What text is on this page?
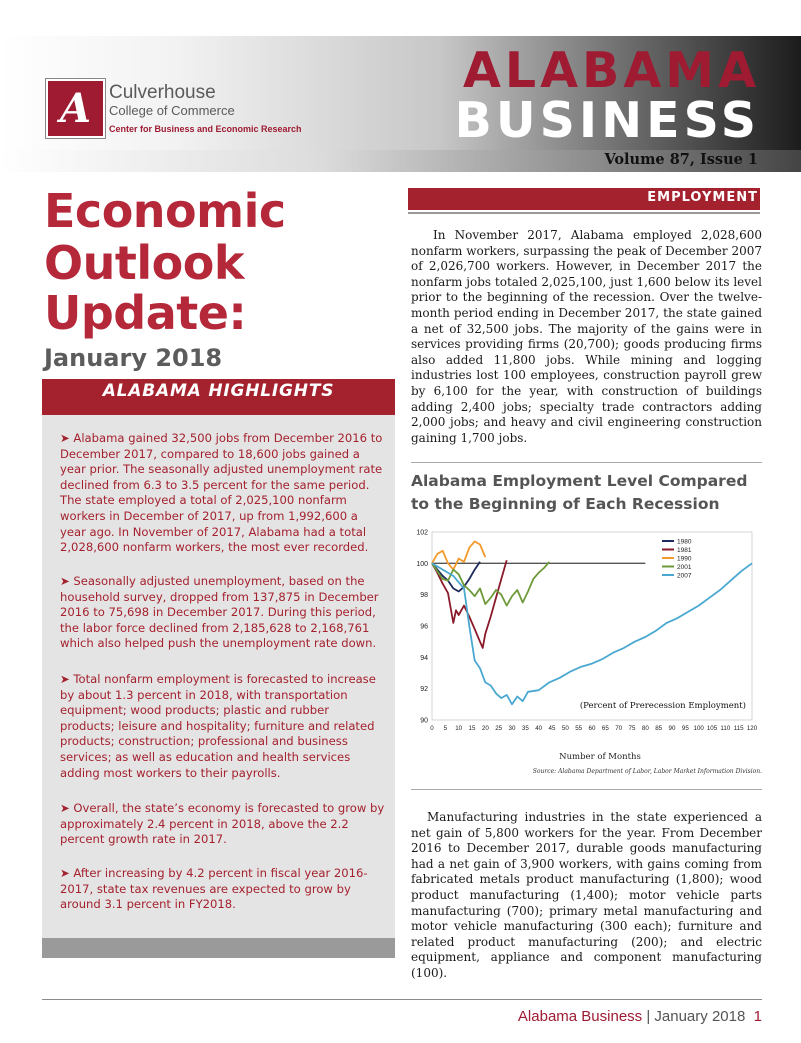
A Culverhouse
College of Commerce
Center for Business and Economic Research
ALABAMA
BUSINESS
Volume 87, Issue 1
Economic
Outlook
Update:
January 2018
ALABAMA HIGHLIGHTS
➤ Alabama gained 32,500 jobs from December 2016 to December 2017, compared to 18,600 jobs gained a year prior. The seasonally adjusted unemployment rate declined from 6.3 to 3.5 percent for the same period. The state employed a total of 2,025,100 nonfarm workers in December of 2017, up from 1,992,600 a year ago. In November of 2017, Alabama had a total 2,028,600 nonfarm workers, the most ever recorded.
➤ Seasonally adjusted unemployment, based on the household survey, dropped from 137,875 in December 2016 to 75,698 in December 2017. During this period, the labor force declined from 2,185,628 to 2,168,761 which also helped push the unemployment rate down.
➤ Total nonfarm employment is forecasted to increase by about 1.3 percent in 2018, with transportation equipment; wood products; plastic and rubber products; leisure and hospitality; furniture and related products; construction; professional and business services; as well as education and health services adding most workers to their payrolls.
➤ Overall, the state’s economy is forecasted to grow by approximately 2.4 percent in 2018, above the 2.2 percent growth rate in 2017.
➤ After increasing by 4.2 percent in fiscal year 2016-2017, state tax revenues are expected to grow by around 3.1 percent in FY2018.
EMPLOYMENT
In November 2017, Alabama employed 2,028,600 nonfarm workers, surpassing the peak of December 2007 of 2,026,700 workers. However, in December 2017 the nonfarm jobs totaled 2,025,100, just 1,600 below its level prior to the beginning of the recession. Over the twelve-month period ending in December 2017, the state gained a net of 32,500 jobs. The majority of the gains were in services providing firms (20,700); goods producing firms also added 11,800 jobs. While mining and logging industries lost 100 employees, construction payroll grew by 6,100 for the year, with construction of buildings adding 2,400 jobs; specialty trade contractors adding 2,000 jobs; and heavy and civil engineering construction gaining 1,700 jobs.
Alabama Employment Level Compared to the Beginning of Each Recession
90
92
94
96
98
100
102
0 5 10 15 20 25 30 35 40 45 50 55 60 65 70 75 80 85 90 95 100 105 110 115 120
1980
1981
1990
2001
2007
(Percent of Prerecession Employment)
Number of Months
Source: Alabama Department of Labor, Labor Market Information Division.
Manufacturing industries in the state experienced a net gain of 5,800 workers for the year. From December 2016 to December 2017, durable goods manufacturing had a net gain of 3,900 workers, with gains coming from fabricated metals product manufacturing (1,800); wood product manufacturing (1,400); motor vehicle parts manufacturing (700); primary metal manufacturing and motor vehicle manufacturing (300 each); furniture and related product manufacturing (200); and electric equipment, appliance and component manufacturing (100).
Alabama Business | January 2018 1
